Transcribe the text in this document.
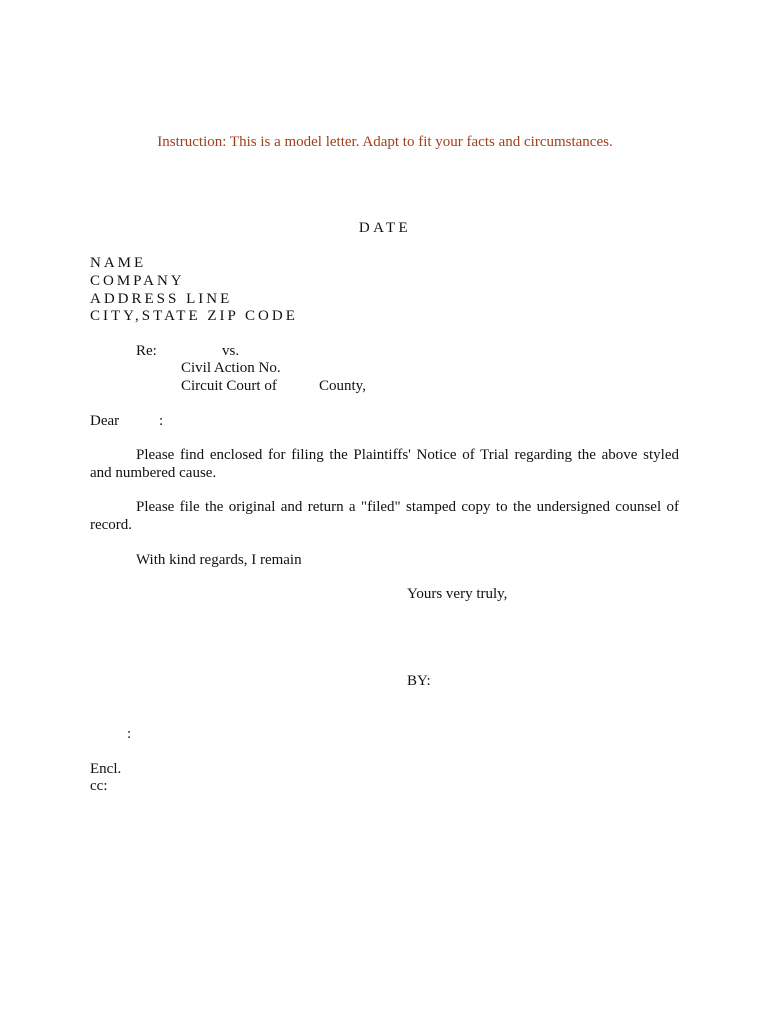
Instruction: This is a model letter. Adapt to fit your facts and circumstances.
DATE
NAME
COMPANY
ADDRESS LINE
CITY,STATE ZIP CODE
Re:	vs.
Civil Action No.
Circuit Court of	County,
Dear	:
Please find enclosed for filing the Plaintiffs' Notice of Trial regarding the above styled and numbered cause.
Please file the original and return a "filed" stamped copy to the undersigned counsel of record.
With kind regards, I remain
Yours very truly,
BY:
:
Encl.
cc:
